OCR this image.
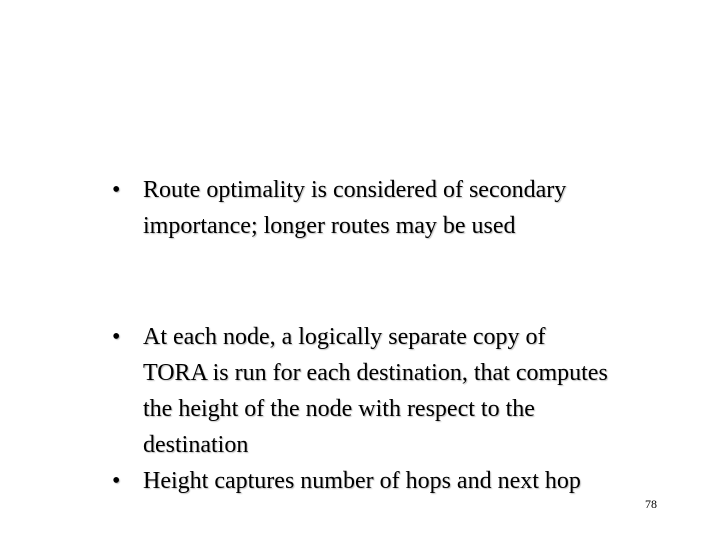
• Route optimality is considered of secondary importance; longer routes may be used
• At each node, a logically separate copy of TORA is run for each destination, that computes the height of the node with respect to the destination
• Height captures number of hops and next hop
78
